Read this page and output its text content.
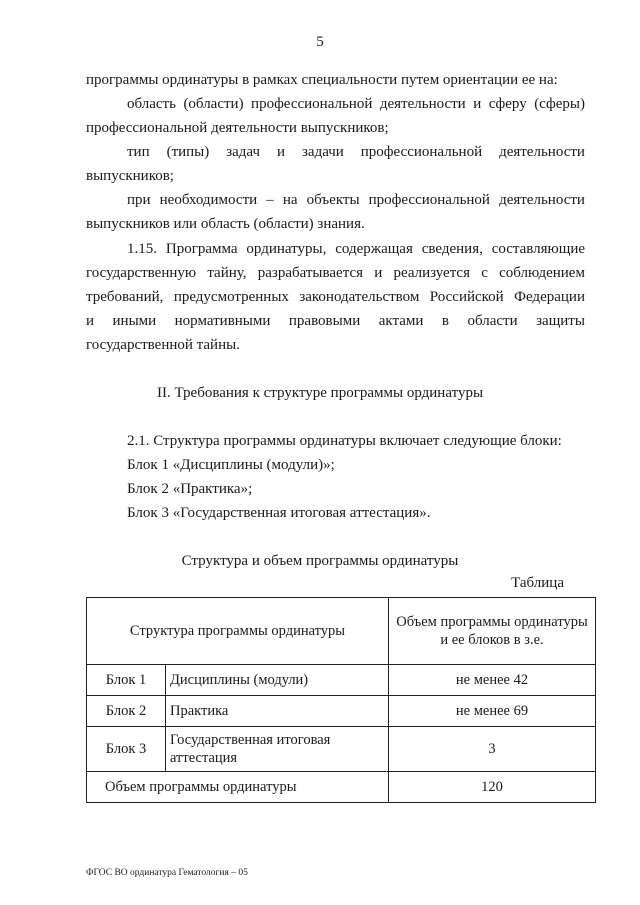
5
программы ординатуры в рамках специальности путем ориентации ее на:
область (области) профессиональной деятельности и сферу (сферы)
профессиональной деятельности выпускников;
тип (типы) задач и задачи профессиональной деятельности
выпускников;
при необходимости – на объекты профессиональной деятельности
выпускников или область (области) знания.
1.15. Программа ординатуры, содержащая сведения, составляющие
государственную тайну, разрабатывается и реализуется с соблюдением
требований, предусмотренных законодательством Российской Федерации
и иными нормативными правовыми актами в области защиты
государственной тайны.
II. Требования к структуре программы ординатуры
2.1. Структура программы ординатуры включает следующие блоки:
Блок 1 «Дисциплины (модули)»;
Блок 2 «Практика»;
Блок 3 «Государственная итоговая аттестация».
Структура и объем программы ординатуры
Таблица
Структура программы ординатуры		Объем программы ординатуры и ее блоков в з.е.
Блок 1	Дисциплины (модули)	не менее 42
Блок 2	Практика	не менее 69
Блок 3	Государственная итоговая аттестация	3
Объем программы ординатуры		120
ФГОС ВО ординатура Гематология – 05
